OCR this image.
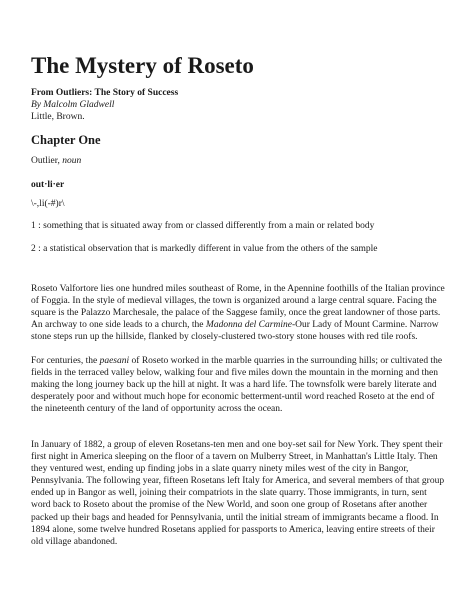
The Mystery of Roseto
From Outliers: The Story of Success
By Malcolm Gladwell
Little, Brown.
Chapter One
Outlier, noun
out·li·er
\-,li(-#)r\
1 : something that is situated away from or classed differently from a main or related body
2 : a statistical observation that is markedly different in value from the others of the sample

Roseto Valfortore lies one hundred miles southeast of Rome, in the Apennine foothills of the Italian province of Foggia. In the style of medieval villages, the town is organized around a large central square. Facing the square is the Palazzo Marchesale, the palace of the Saggese family, once the great landowner of those parts. An archway to one side leads to a church, the Madonna del Carmine-Our Lady of Mount Carmine. Narrow stone steps run up the hillside, flanked by closely-clustered two-story stone houses with red tile roofs.

For centuries, the paesani of Roseto worked in the marble quarries in the surrounding hills; or cultivated the fields in the terraced valley below, walking four and five miles down the mountain in the morning and then making the long journey back up the hill at night. It was a hard life. The townsfolk were barely literate and desperately poor and without much hope for economic betterment-until word reached Roseto at the end of the nineteenth century of the land of opportunity across the ocean.

In January of 1882, a group of eleven Rosetans-ten men and one boy-set sail for New York. They spent their first night in America sleeping on the floor of a tavern on Mulberry Street, in Manhattan's Little Italy. Then they ventured west, ending up finding jobs in a slate quarry ninety miles west of the city in Bangor, Pennsylvania. The following year, fifteen Rosetans left Italy for America, and several members of that group ended up in Bangor as well, joining their compatriots in the slate quarry. Those immigrants, in turn, sent word back to Roseto about the promise of the New World, and soon one group of Rosetans after another packed up their bags and headed for Pennsylvania, until the initial stream of immigrants became a flood. In 1894 alone, some twelve hundred Rosetans applied for passports to America, leaving entire streets of their old village abandoned.
